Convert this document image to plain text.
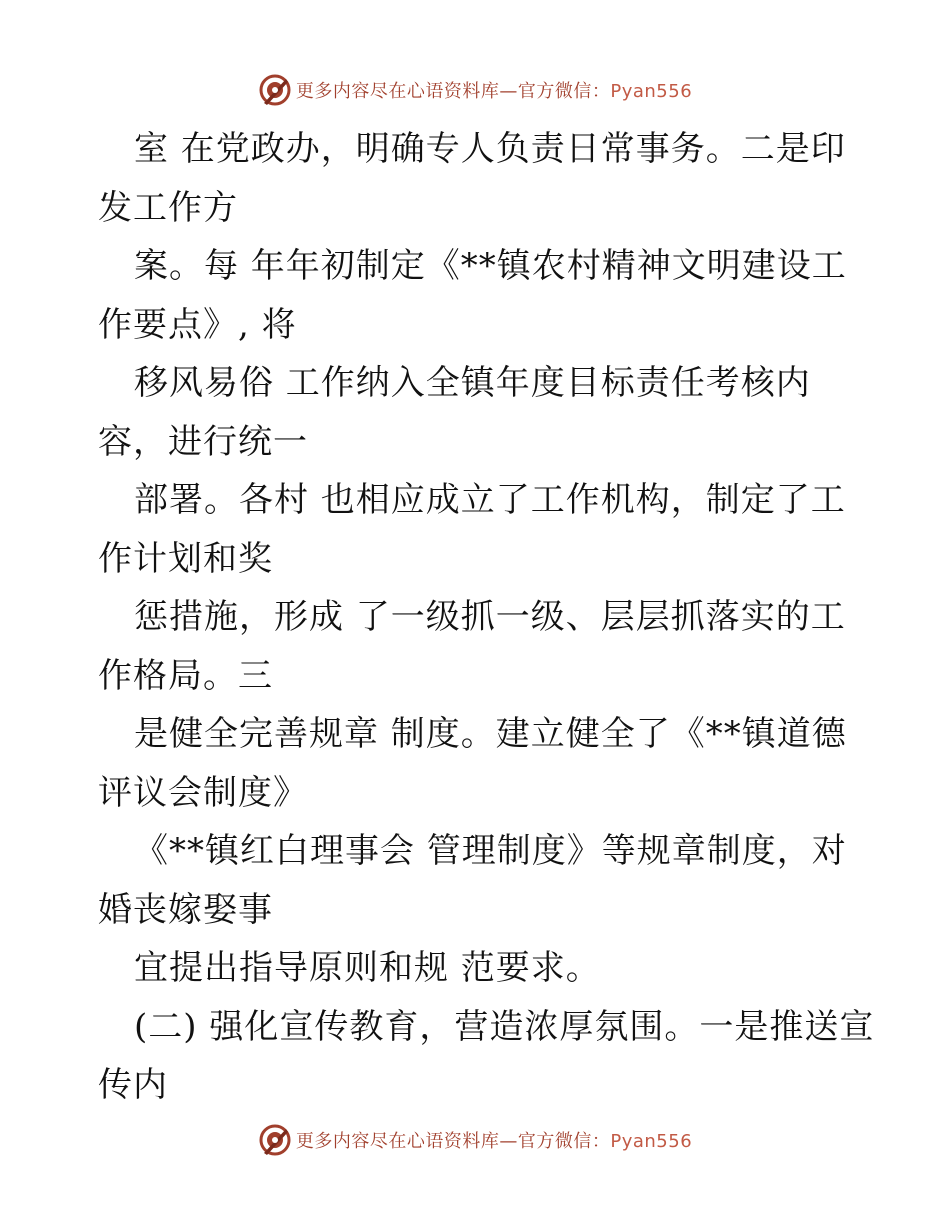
更多内容尽在心语资料库—官方微信：Pyan556
室 在党政办，明确专人负责日常事务。二是印
发工作方
案。每 年年初制定《**镇农村精神文明建设工
作要点》, 将
移风易俗 工作纳入全镇年度目标责任考核内
容，进行统一
部署。各村 也相应成立了工作机构，制定了工
作计划和奖
惩措施，形成 了一级抓一级、层层抓落实的工
作格局。三
是健全完善规章 制度。建立健全了《**镇道德
评议会制度》
《**镇红白理事会 管理制度》等规章制度，对
婚丧嫁娶事
宜提出指导原则和规 范要求。
(二) 强化宣传教育，营造浓厚氛围。一是推送宣
传内
更多内容尽在心语资料库—官方微信：Pyan556
